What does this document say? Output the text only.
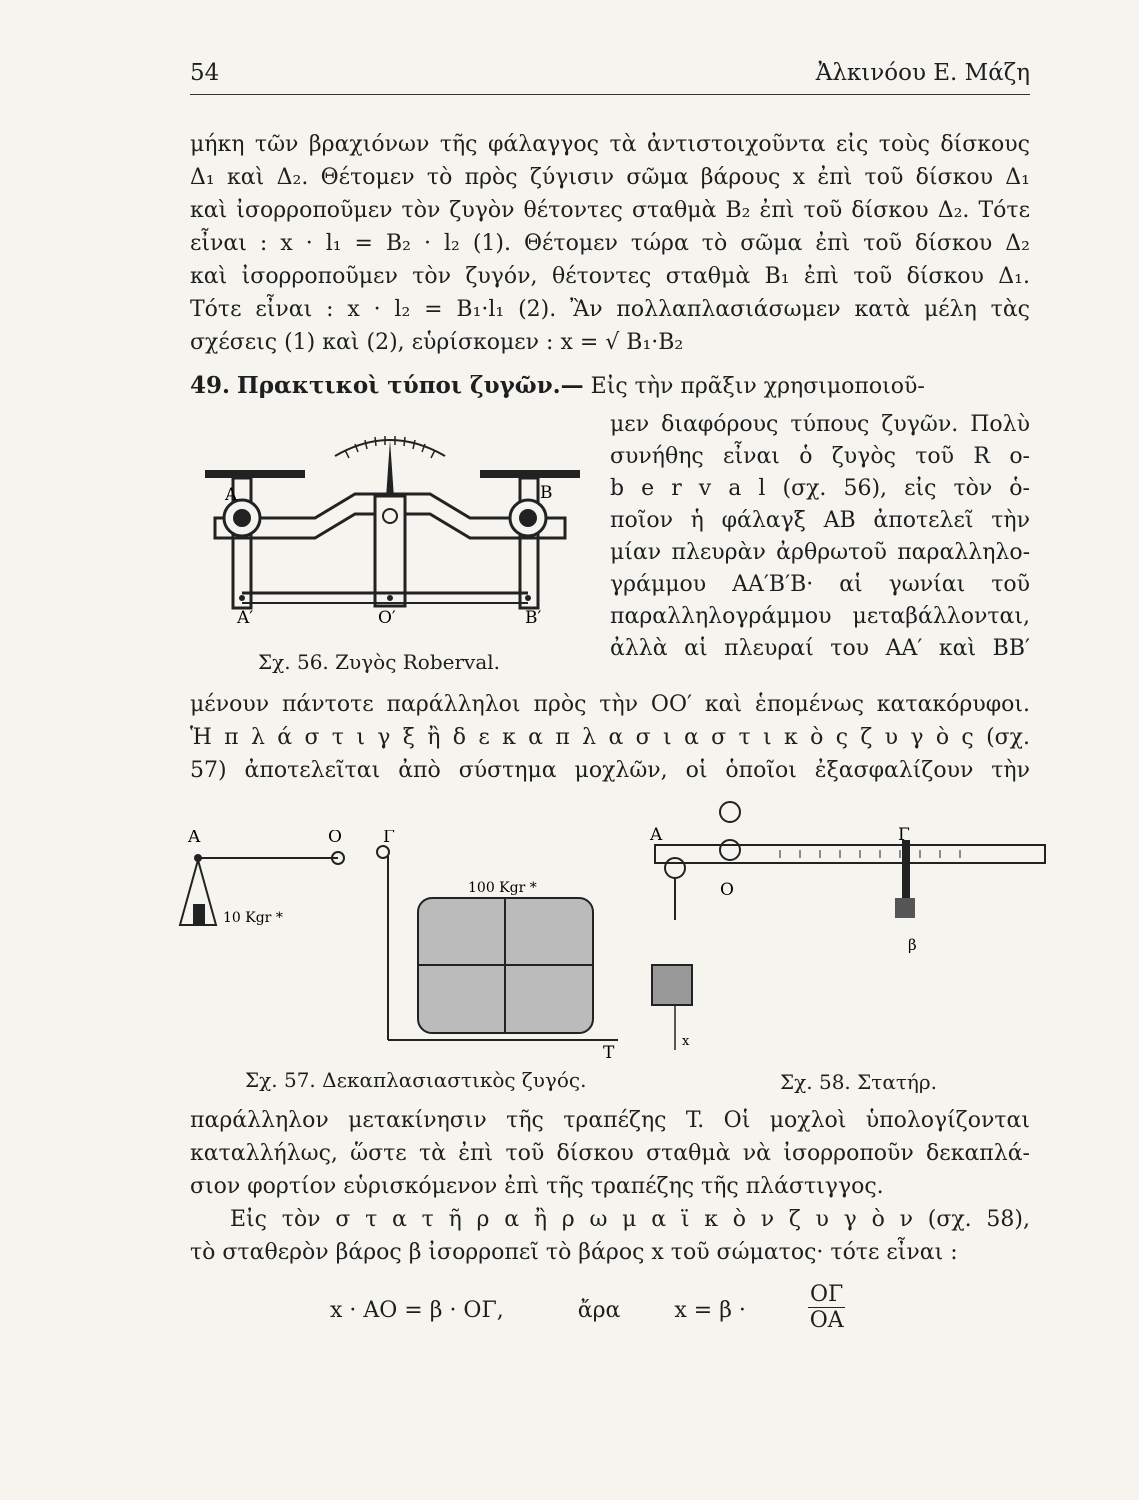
54	Ἀλκινόου Ε. Μάζη
μήκη τῶν βραχιόνων τῆς φάλαγγος τὰ ἀντιστοιχοῦντα εἰς τοὺς δίσκους
Δ₁ καὶ Δ₂. Θέτομεν τὸ πρὸς ζύγισιν σῶμα βάρους x ἐπὶ τοῦ δίσκου Δ₁
καὶ ἰσορροποῦμεν τὸν ζυγὸν θέτοντες σταθμὰ B₂ ἐπὶ τοῦ δίσκου Δ₂. Τότε
εἶναι : x · l₁ = B₂ · l₂ (1). Θέτομεν τώρα τὸ σῶμα ἐπὶ τοῦ δίσκου Δ₂
καὶ ἰσορροποῦμεν τὸν ζυγόν, θέτοντες σταθμὰ B₁ ἐπὶ τοῦ δίσκου Δ₁.
Τότε εἶναι : x · l₂ = B₁·l₁ (2). Ἂν πολλαπλασιάσωμεν κατὰ μέλη τὰς
σχέσεις (1) καὶ (2), εὑρίσκομεν : x = √ B₁·B₂
49. Πρακτικοὶ τύποι ζυγῶν.— Εἰς τὴν πρᾶξιν χρησιμοποιοῦ-
μεν διαφόρους τύπους ζυγῶν. Πολὺ
συνήθης εἶναι ὁ ζυγὸς τοῦ R o-
b e r v a l (σχ. 56), εἰς τὸν ὁ-
ποῖον ἡ φάλαγξ AB ἀποτελεῖ τὴν
μίαν πλευρὰν ἀρθρωτοῦ παραλληλο-
γράμμου AA′B′B· αἱ γωνίαι τοῦ
παραλληλογράμμου μεταβάλλονται,
ἀλλὰ αἱ πλευραί του AA′ καὶ BB′
A	B
O′
A′	B′
Σχ. 56. Ζυγὸς Roberval.
μένουν πάντοτε παράλληλοι πρὸς τὴν OO′ καὶ ἑπομένως κατακόρυφοι.
Ἡ π λ ά σ τ ι γ ξ ἢ δ ε κ α π λ α σ ι α σ τ ι κ ὸ ς ζ υ γ ὸ ς (σχ.
57) ἀποτελεῖται ἀπὸ σύστημα μοχλῶν, οἱ ὁποῖοι ἐξασφαλίζουν τὴν
A	O Γ
T
10 Kgr *
100 Kgr *
Σχ. 57. Δεκαπλασιαστικὸς ζυγός.
A
O
Γ
β
x
Σχ. 58. Στατήρ.
παράλληλον μετακίνησιν τῆς τραπέζης T. Οἱ μοχλοὶ ὑπολογίζονται
καταλλήλως, ὥστε τὰ ἐπὶ τοῦ δίσκου σταθμὰ νὰ ἰσορροποῦν δεκαπλά-
σιον φορτίον εὑρισκόμενον ἐπὶ τῆς τραπέζης τῆς πλάστιγγος.
Εἰς τὸν σ τ α τ ῆ ρ α ἢ ρ ω μ α ϊ κ ὸ ν ζ υ γ ὸ ν (σχ. 58),
τὸ σταθερὸν βάρος β ἰσορροπεῖ τὸ βάρος x τοῦ σώματος· τότε εἶναι :
x · AO = β · OΓ,	ἄρα x = β ·	$\frac{O\Gamma}{OA}$
